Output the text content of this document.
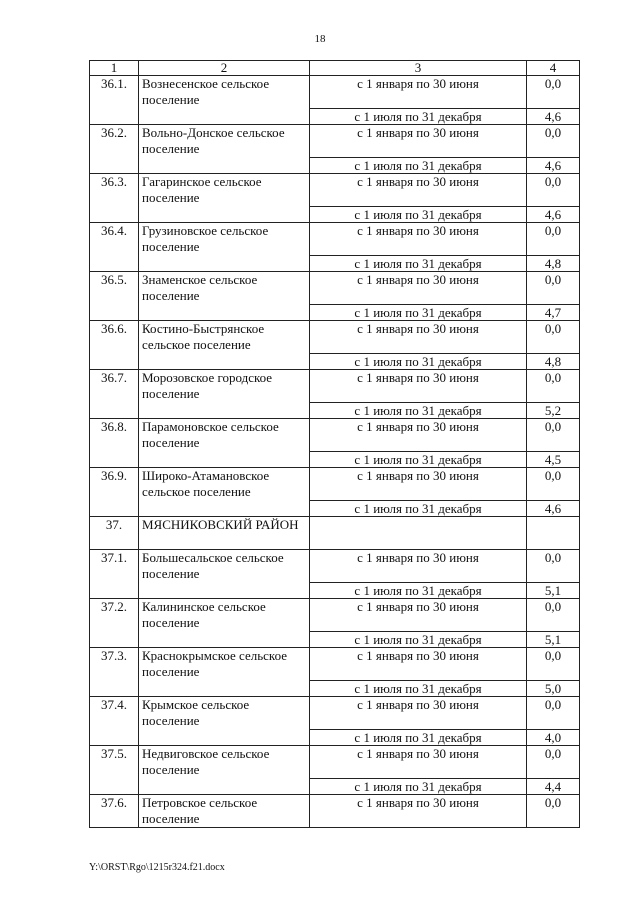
18
1	2	3	4
36.1.	Вознесенское сельское поселение	с 1 января по 30 июня	0,0
		с 1 июля по 31 декабря	4,6
36.2.	Вольно-Донское сельское поселение	с 1 января по 30 июня	0,0
		с 1 июля по 31 декабря	4,6
36.3.	Гагаринское сельское поселение	с 1 января по 30 июня	0,0
		с 1 июля по 31 декабря	4,6
36.4.	Грузиновское сельское поселение	с 1 января по 30 июня	0,0
		с 1 июля по 31 декабря	4,8
36.5.	Знаменское сельское поселение	с 1 января по 30 июня	0,0
		с 1 июля по 31 декабря	4,7
36.6.	Костино-Быстрянское сельское поселение	с 1 января по 30 июня	0,0
		с 1 июля по 31 декабря	4,8
36.7.	Морозовское городское поселение	с 1 января по 30 июня	0,0
		с 1 июля по 31 декабря	5,2
36.8.	Парамоновское сельское поселение	с 1 января по 30 июня	0,0
		с 1 июля по 31 декабря	4,5
36.9.	Широко-Атамановское сельское поселение	с 1 января по 30 июня	0,0
		с 1 июля по 31 декабря	4,6
37.	МЯСНИКОВСКИЙ РАЙОН		
37.1.	Большесальское сельское поселение	с 1 января по 30 июня	0,0
		с 1 июля по 31 декабря	5,1
37.2.	Калининское сельское поселение	с 1 января по 30 июня	0,0
		с 1 июля по 31 декабря	5,1
37.3.	Краснокрымское сельское поселение	с 1 января по 30 июня	0,0
		с 1 июля по 31 декабря	5,0
37.4.	Крымское сельское поселение	с 1 января по 30 июня	0,0
		с 1 июля по 31 декабря	4,0
37.5.	Недвиговское сельское поселение	с 1 января по 30 июня	0,0
		с 1 июля по 31 декабря	4,4
37.6.	Петровское сельское поселение	с 1 января по 30 июня	0,0
Y:\ORST\Rgo\1215r324.f21.docx
